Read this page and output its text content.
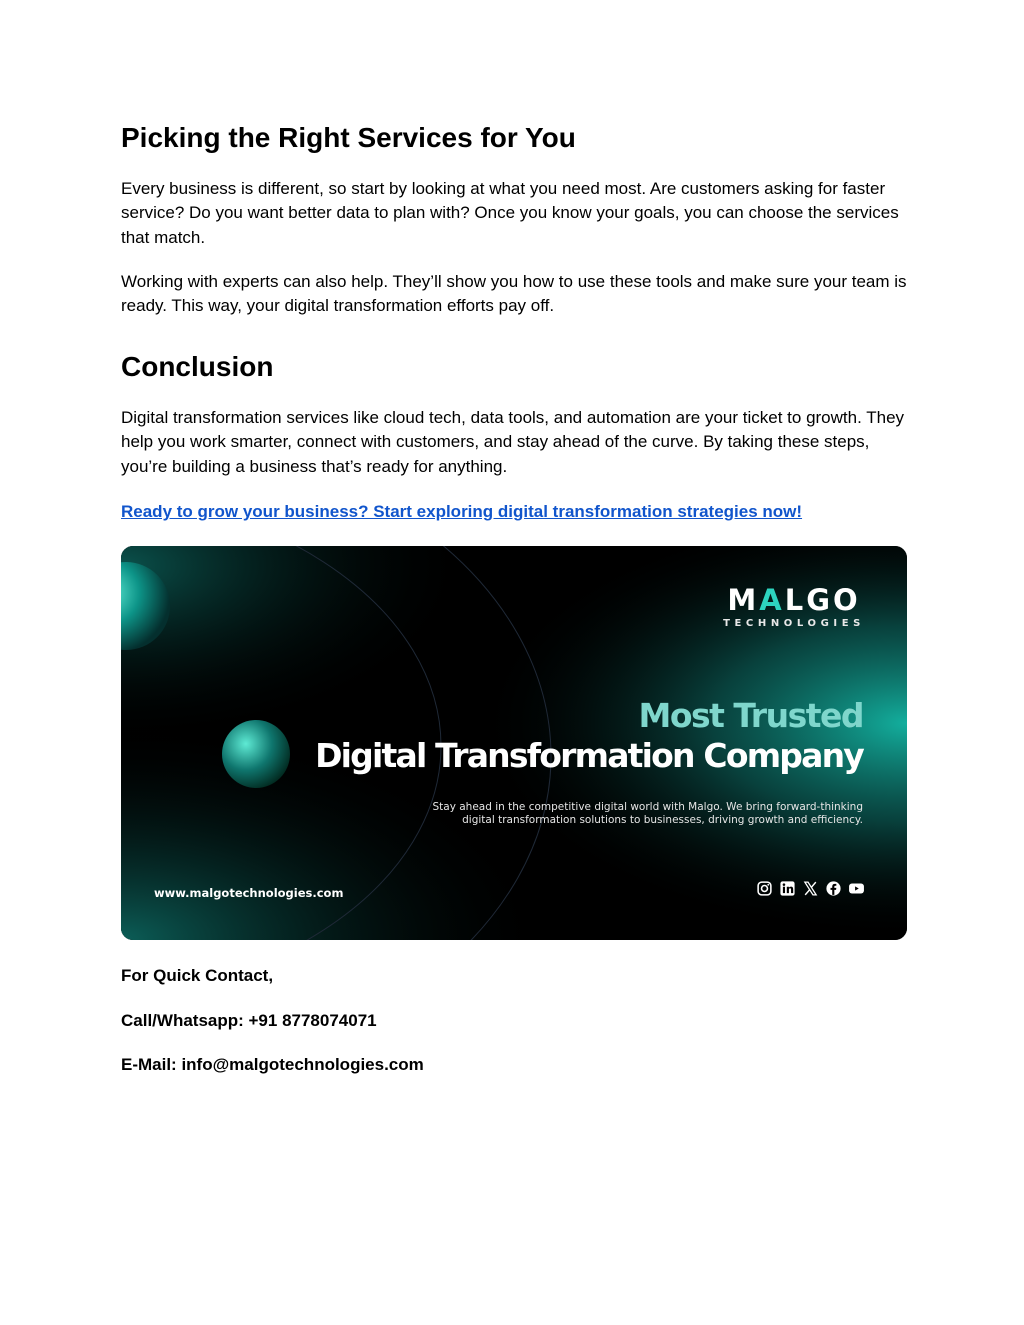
Picking the Right Services for You

Every business is different, so start by looking at what you need most. Are customers asking for faster service? Do you want better data to plan with? Once you know your goals, you can choose the services that match.

Working with experts can also help. They’ll show you how to use these tools and make sure your team is ready. This way, your digital transformation efforts pay off.

Conclusion

Digital transformation services like cloud tech, data tools, and automation are your ticket to growth. They help you work smarter, connect with customers, and stay ahead of the curve. By taking these steps, you’re building a business that’s ready for anything.

Ready to grow your business? Start exploring digital transformation strategies now!
MALGO
TECHNOLOGIES
Most Trusted
Digital Transformation Company
Stay ahead in the competitive digital world with Malgo. We bring forward-thinking digital transformation solutions to businesses, driving growth and efficiency.
www.malgotechnologies.com
For Quick Contact,
Call/Whatsapp: +91 8778074071
E-Mail: info@malgotechnologies.com
